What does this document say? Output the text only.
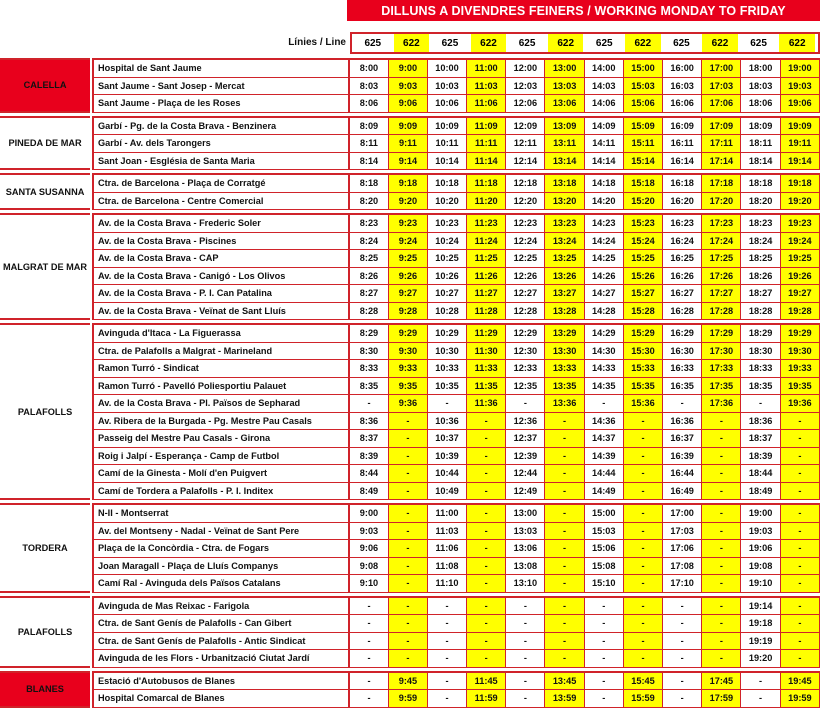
DILLUNS A DIVENDRES FEINERS / WORKING MONDAY TO FRIDAY
Línies / Line 625	622	625	622	625	622	625	622	625	622	625	622
CALELLA		Hospital de Sant Jaume	8:00	9:00	10:00	11:00	12:00	13:00	14:00	15:00	16:00	17:00	18:00	19:00
		Sant Jaume - Sant Josep - Mercat	8:03	9:03	10:03	11:03	12:03	13:03	14:03	15:03	16:03	17:03	18:03	19:03
		Sant Jaume - Plaça de les Roses	8:06	9:06	10:06	11:06	12:06	13:06	14:06	15:06	16:06	17:06	18:06	19:06

PINEDA DE MAR		Garbí - Pg. de la Costa Brava - Benzinera	8:09	9:09	10:09	11:09	12:09	13:09	14:09	15:09	16:09	17:09	18:09	19:09
		Garbí - Av. dels Tarongers	8:11	9:11	10:11	11:11	12:11	13:11	14:11	15:11	16:11	17:11	18:11	19:11
		Sant Joan - Església de Santa Maria	8:14	9:14	10:14	11:14	12:14	13:14	14:14	15:14	16:14	17:14	18:14	19:14

SANTA SUSANNA		Ctra. de Barcelona - Plaça de Corratgé	8:18	9:18	10:18	11:18	12:18	13:18	14:18	15:18	16:18	17:18	18:18	19:18
		Ctra. de Barcelona - Centre Comercial	8:20	9:20	10:20	11:20	12:20	13:20	14:20	15:20	16:20	17:20	18:20	19:20

MALGRAT DE MAR		Av. de la Costa Brava - Frederic Soler	8:23	9:23	10:23	11:23	12:23	13:23	14:23	15:23	16:23	17:23	18:23	19:23
		Av. de la Costa Brava - Piscines	8:24	9:24	10:24	11:24	12:24	13:24	14:24	15:24	16:24	17:24	18:24	19:24
		Av. de la Costa Brava - CAP	8:25	9:25	10:25	11:25	12:25	13:25	14:25	15:25	16:25	17:25	18:25	19:25
		Av. de la Costa Brava - Canigó - Los Olivos	8:26	9:26	10:26	11:26	12:26	13:26	14:26	15:26	16:26	17:26	18:26	19:26
		Av. de la Costa Brava - P. I. Can Patalina	8:27	9:27	10:27	11:27	12:27	13:27	14:27	15:27	16:27	17:27	18:27	19:27
		Av. de la Costa Brava - Veïnat de Sant Lluís	8:28	9:28	10:28	11:28	12:28	13:28	14:28	15:28	16:28	17:28	18:28	19:28

PALAFOLLS		Avinguda d'Itaca - La Figuerassa	8:29	9:29	10:29	11:29	12:29	13:29	14:29	15:29	16:29	17:29	18:29	19:29
		Ctra. de Palafolls a Malgrat - Marineland	8:30	9:30	10:30	11:30	12:30	13:30	14:30	15:30	16:30	17:30	18:30	19:30
		Ramon Turró - Sindicat	8:33	9:33	10:33	11:33	12:33	13:33	14:33	15:33	16:33	17:33	18:33	19:33
		Ramon Turró - Pavelló Poliesportiu Palauet	8:35	9:35	10:35	11:35	12:35	13:35	14:35	15:35	16:35	17:35	18:35	19:35
		Av. de la Costa Brava - Pl. Països de Sepharad	-	9:36	-	11:36	-	13:36	-	15:36	-	17:36	-	19:36
		Av. Ribera de la Burgada - Pg. Mestre Pau Casals	8:36	-	10:36	-	12:36	-	14:36	-	16:36	-	18:36	-
		Passeig del Mestre Pau Casals - Girona	8:37	-	10:37	-	12:37	-	14:37	-	16:37	-	18:37	-
		Roig i Jalpí - Esperança - Camp de Futbol	8:39	-	10:39	-	12:39	-	14:39	-	16:39	-	18:39	-
		Camí de la Ginesta - Molí d'en Puigvert	8:44	-	10:44	-	12:44	-	14:44	-	16:44	-	18:44	-
		Camí de Tordera a Palafolls - P. I. Inditex	8:49	-	10:49	-	12:49	-	14:49	-	16:49	-	18:49	-

TORDERA		N-II - Montserrat	9:00	-	11:00	-	13:00	-	15:00	-	17:00	-	19:00	-
		Av. del Montseny - Nadal - Veïnat de Sant Pere	9:03	-	11:03	-	13:03	-	15:03	-	17:03	-	19:03	-
		Plaça de la Concòrdia - Ctra. de Fogars	9:06	-	11:06	-	13:06	-	15:06	-	17:06	-	19:06	-
		Joan Maragall - Plaça de Lluís Companys	9:08	-	11:08	-	13:08	-	15:08	-	17:08	-	19:08	-
		Camí Ral - Avinguda dels Països Catalans	9:10	-	11:10	-	13:10	-	15:10	-	17:10	-	19:10	-

PALAFOLLS		Avinguda de Mas Reixac - Farigola	-	-	-	-	-	-	-	-	-	-	19:14	-
		Ctra. de Sant Genís de Palafolls - Can Gibert	-	-	-	-	-	-	-	-	-	-	19:18	-
		Ctra. de Sant Genís de Palafolls - Antic Sindicat	-	-	-	-	-	-	-	-	-	-	19:19	-
		Avinguda de les Flors - Urbanització Ciutat Jardí	-	-	-	-	-	-	-	-	-	-	19:20	-

BLANES		Estació d'Autobusos de Blanes	-	9:45	-	11:45	-	13:45	-	15:45	-	17:45	-	19:45
		Hospital Comarcal de Blanes	-	9:59	-	11:59	-	13:59	-	15:59	-	17:59	-	19:59
